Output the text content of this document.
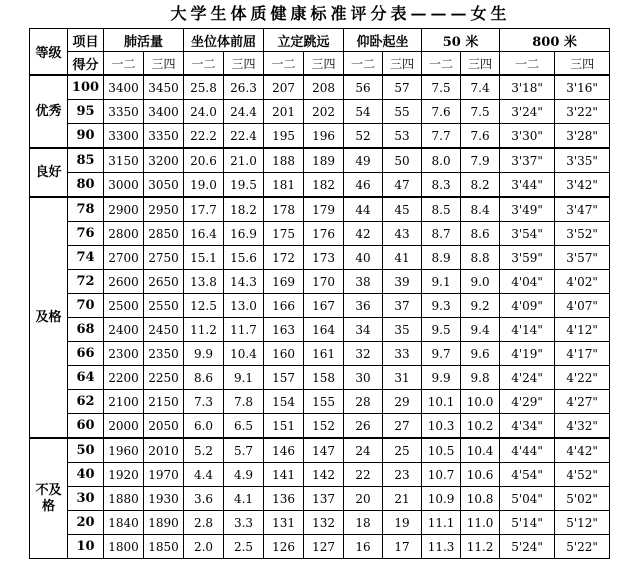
大学生体质健康标准评分表———女生
等级	项目	肺活量		坐位体前屈		立定跳远		仰卧起坐		50 米		800 米	
	得分	一二	三四	一二	三四	一二	三四	一二	三四	一二	三四	一二	三四
优秀	100	3400	3450	25.8	26.3	207	208	56	57	7.5	7.4	3'18"	3'16"
	95	3350	3400	24.0	24.4	201	202	54	55	7.6	7.5	3'24"	3'22"
	90	3300	3350	22.2	22.4	195	196	52	53	7.7	7.6	3'30"	3'28"
良好	85	3150	3200	20.6	21.0	188	189	49	50	8.0	7.9	3'37"	3'35"
	80	3000	3050	19.0	19.5	181	182	46	47	8.3	8.2	3'44"	3'42"
及格	78	2900	2950	17.7	18.2	178	179	44	45	8.5	8.4	3'49"	3'47"
	76	2800	2850	16.4	16.9	175	176	42	43	8.7	8.6	3'54"	3'52"
	74	2700	2750	15.1	15.6	172	173	40	41	8.9	8.8	3'59"	3'57"
	72	2600	2650	13.8	14.3	169	170	38	39	9.1	9.0	4'04"	4'02"
	70	2500	2550	12.5	13.0	166	167	36	37	9.3	9.2	4'09"	4'07"
	68	2400	2450	11.2	11.7	163	164	34	35	9.5	9.4	4'14"	4'12"
	66	2300	2350	9.9	10.4	160	161	32	33	9.7	9.6	4'19"	4'17"
	64	2200	2250	8.6	9.1	157	158	30	31	9.9	9.8	4'24"	4'22"
	62	2100	2150	7.3	7.8	154	155	28	29	10.1	10.0	4'29"	4'27"
	60	2000	2050	6.0	6.5	151	152	26	27	10.3	10.2	4'34"	4'32"
不及格	50	1960	2010	5.2	5.7	146	147	24	25	10.5	10.4	4'44"	4'42"
	40	1920	1970	4.4	4.9	141	142	22	23	10.7	10.6	4'54"	4'52"
	30	1880	1930	3.6	4.1	136	137	20	21	10.9	10.8	5'04"	5'02"
	20	1840	1890	2.8	3.3	131	132	18	19	11.1	11.0	5'14"	5'12"
	10	1800	1850	2.0	2.5	126	127	16	17	11.3	11.2	5'24"	5'22"
